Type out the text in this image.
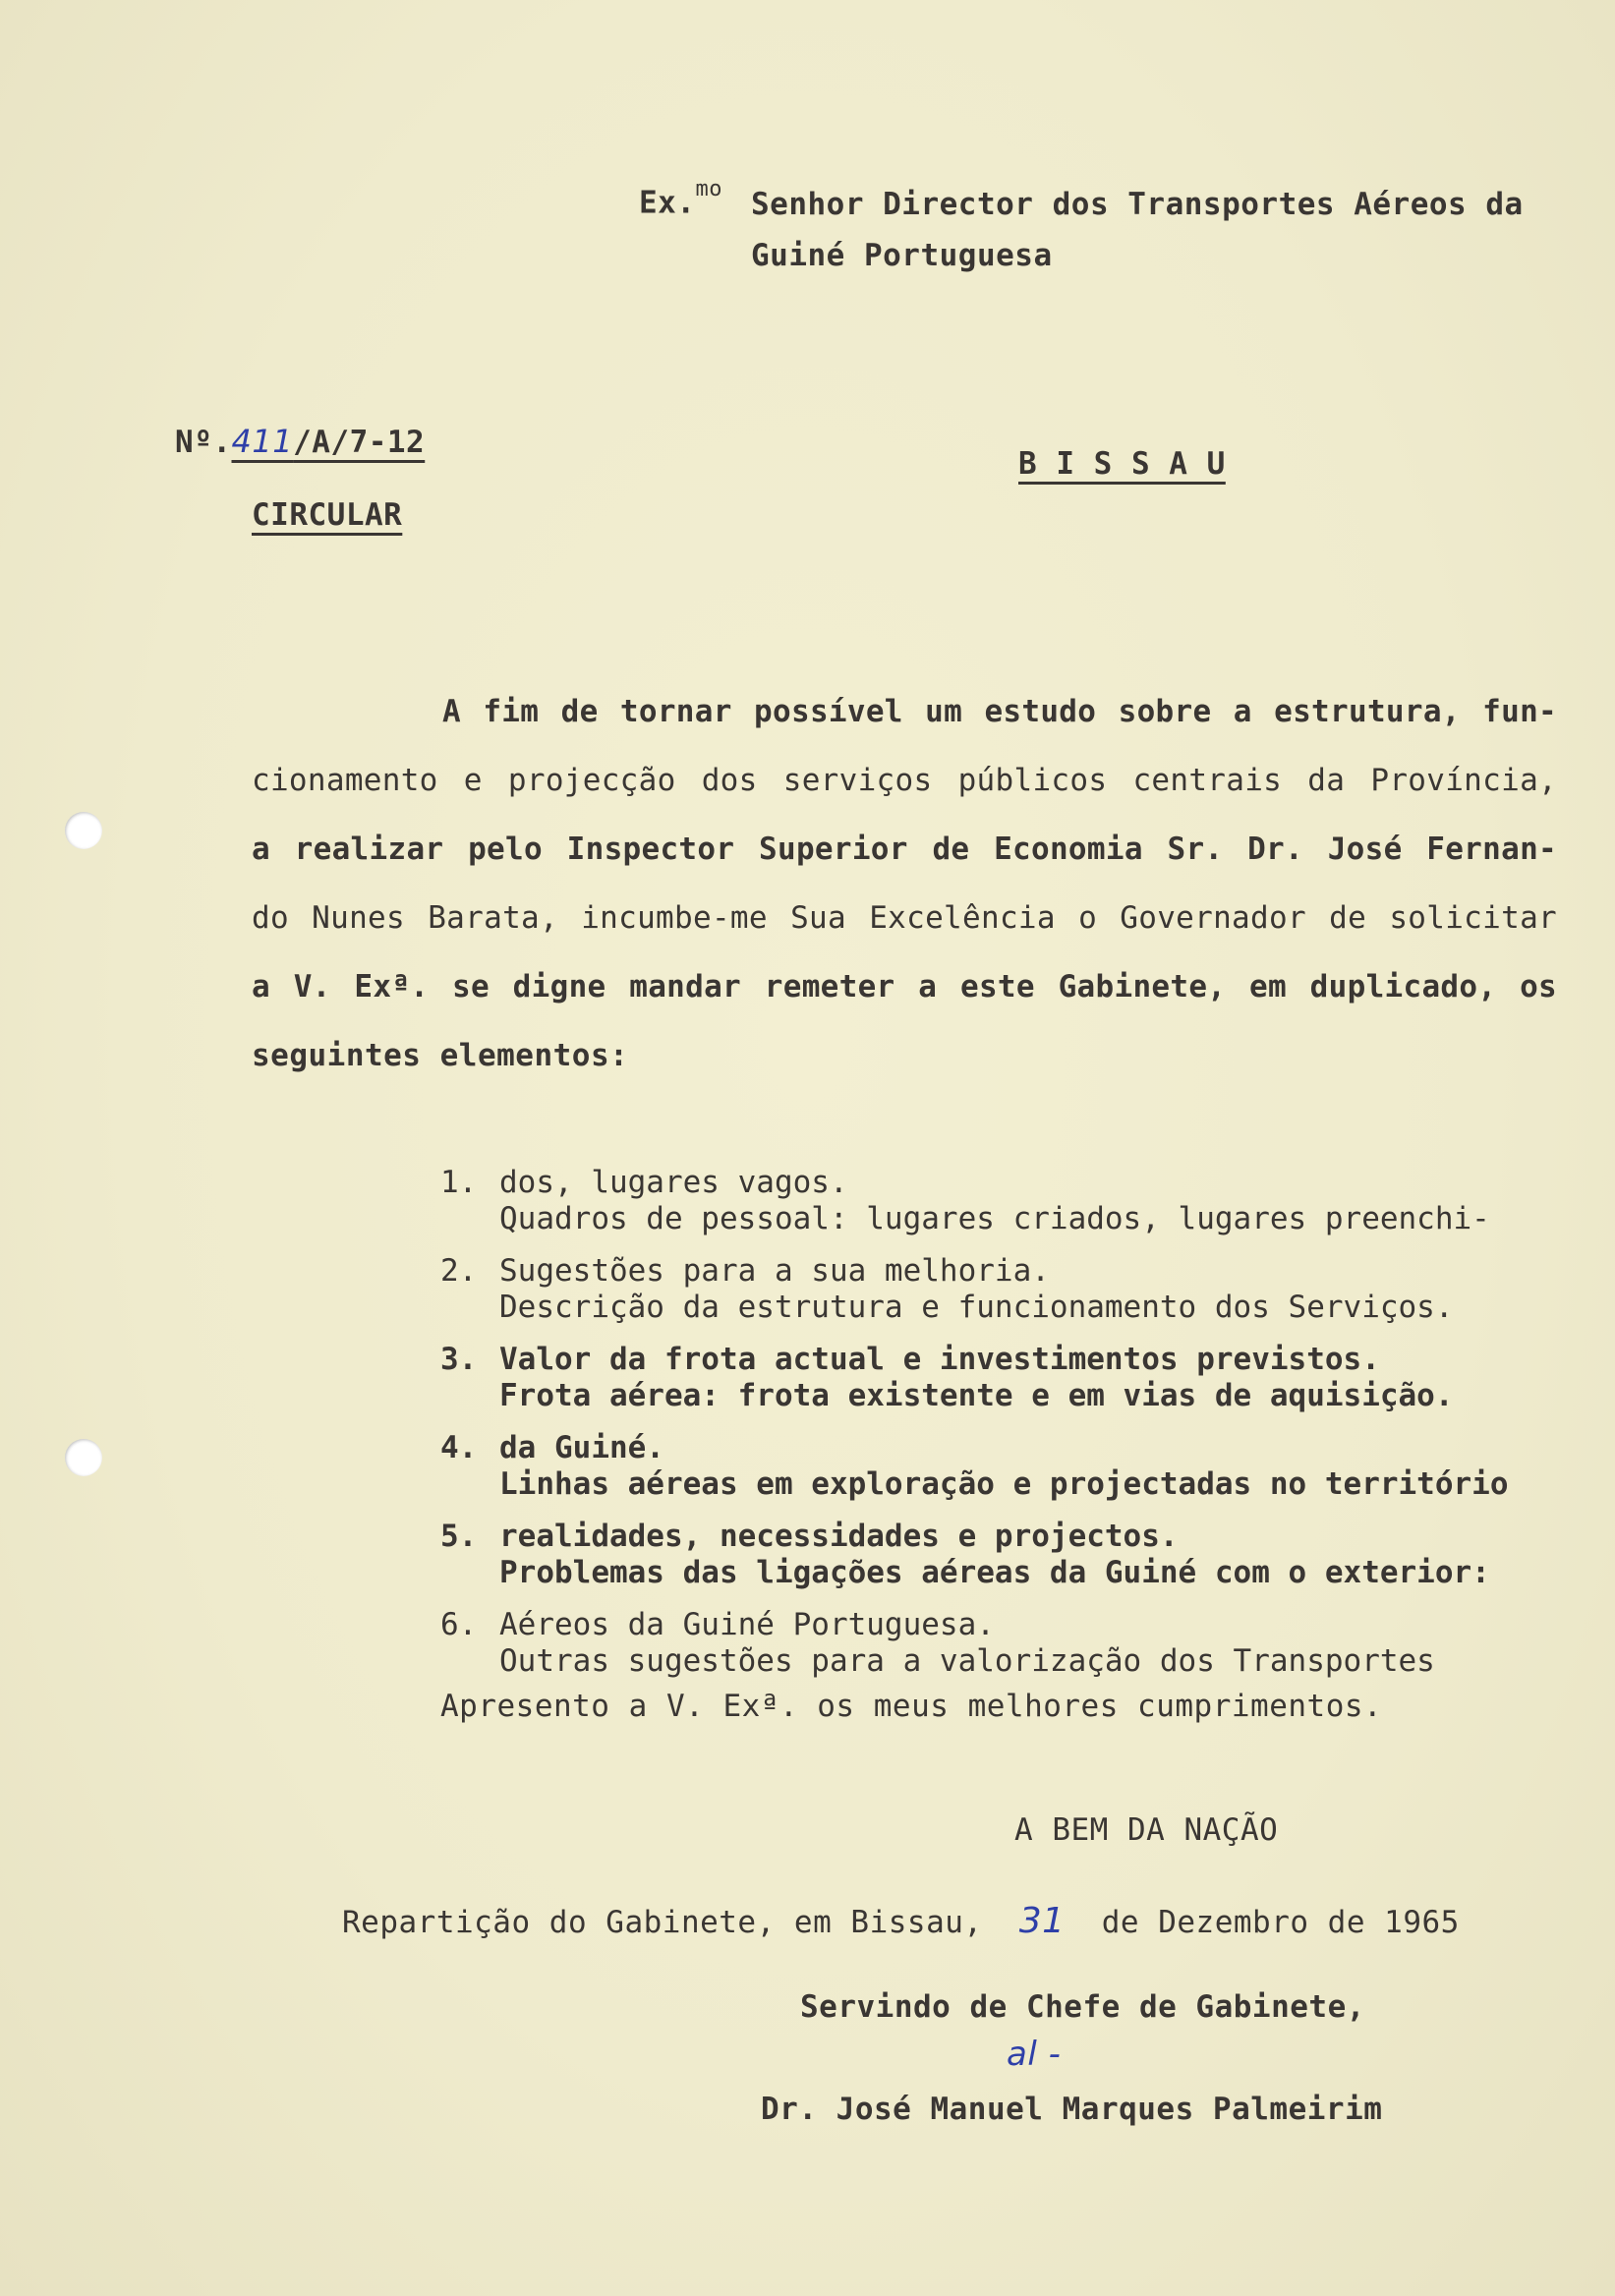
Ex.$^{mo}$ Senhor Director dos Transportes Aéreos da
Guiné Portuguesa
Nº.411/A/7-12
CIRCULAR
B I S S A U
A fim de tornar possível um estudo sobre a estrutura, fun-
cionamento e projecção dos serviços públicos centrais da Província,
a realizar pelo Inspector Superior de Economia Sr. Dr. José Fernan-
do Nunes Barata, incumbe-me Sua Excelência o Governador de solicitar
a V. Exª. se digne mandar remeter a este Gabinete, em duplicado, os
seguintes elementos:

1.

Quadros de pessoal: lugares criados, lugares preenchi-

dos, lugares vagos.

2.

Descrição da estrutura e funcionamento dos Serviços.

Sugestões para a sua melhoria.

3.

Frota aérea: frota existente e em vias de aquisição.

Valor da frota actual e investimentos previstos.

4.

Linhas aéreas em exploração e projectadas no território

da Guiné.

5.

Problemas das ligações aéreas da Guiné com o exterior:

realidades, necessidades e projectos.

6.

Outras sugestões para a valorização dos Transportes

Aéreos da Guiné Portuguesa.

Apresento a V. Exª. os meus melhores cumprimentos.
A BEM DA NAÇÃO
Repartição do Gabinete, em Bissau, 31 de Dezembro de 1965
Servindo de Chefe de Gabinete,
al -
Dr. José Manuel Marques Palmeirim
